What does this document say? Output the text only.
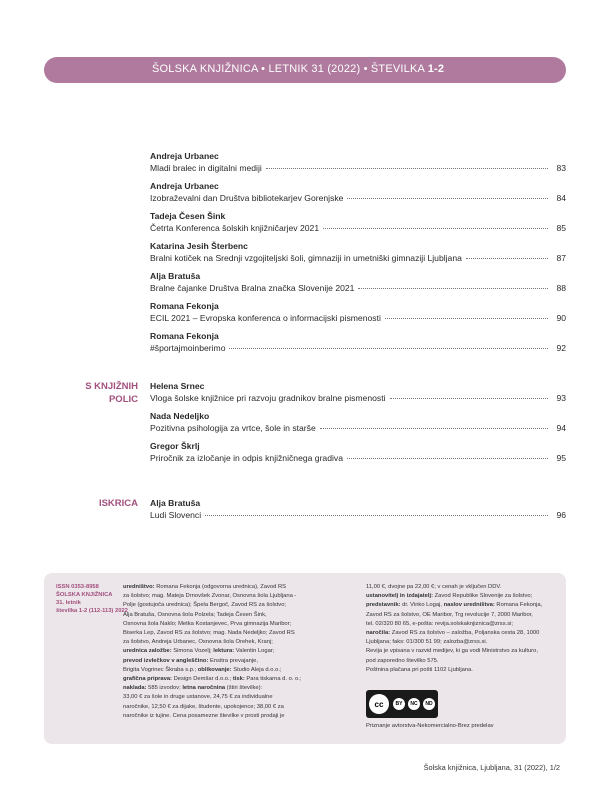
ŠOLSKA KNJIŽNICA • LETNIK 31 (2022) • ŠTEVILKA 1-2
Andreja Urbanec
Mladi bralec in digitalni mediji	83
Andreja Urbanec
Izobraževalni dan Društva bibliotekarjev Gorenjske	84
Tadeja Česen Šink
Četrta Konferenca šolskih knjižničarjev 2021	85
Katarina Jesih Šterbenc
Bralni kotiček na Srednji vzgojiteljski šoli, gimnaziji in umetniški gimnaziji Ljubljana	87
Alja Bratuša
Bralne čajanke Društva Bralna značka Slovenije 2021	88
Romana Fekonja
ECIL 2021 – Evropska konferenca o informacijski pismenosti	90
Romana Fekonja
#športajmoinberimo	92
S KNJIŽNIH POLIC
Helena Srnec
Vloga šolske knjižnice pri razvoju gradnikov bralne pismenosti	93
Nada Nedeljko
Pozitivna psihologija za vrtce, šole in starše	94
Gregor Škrlj
Priročnik za izločanje in odpis knjižničnega gradiva	95
ISKRICA Alja Bratuša
Ludi Slovenci	96
ISSN 0353-8958
ŠOLSKA KNJIŽNICA
31. letnik
številka 1-2 (112-113) 2022
uredništvo: Romana Fekonja (odgovorna urednica), Zavod RS
za šolstvo; mag. Mateja Drnovšek Zvonar, Osnovna šola Ljubljana -
Polje (gostujoča urednica); Špela Bergoč, Zavod RS za šolstvo;
Alja Bratuša, Osnovna šola Polzela; Tadeja Česen Šink,
Osnovna šola Naklo; Metka Kostanjevec, Prva gimnazija Maribor;
Biserka Lep, Zavod RS za šolstvo; mag. Nada Nedeljko; Zavod RS
za šolstvo, Andreja Urbanec, Osnovna šola Orehek, Kranj;
urednica založbe: Simona Vozelj; lektura: Valentin Logar;
prevod izvlečkov v angleščino: Ensitra prevajanje,
Brigita Vogrinec Škraba s.p.; oblikovanje: Studio Aleja d.o.o.;
grafična priprava: Design Demšar d.o.o.; tisk: Para tiskarna d. o. o.;
naklada: 585 izvodov; letna naročnina (štiri številke):
33,00 € za šole in druge ustanove, 24,75 € za individualne
naročnike, 12,50 € za dijake, študente, upokojence; 38,00 € za
naročnike iz tujine. Cena posamezne številke v prosti prodaji je
11,00 €, dvojne pa 22,00 €; v cenah je vključen DDV.
ustanovitelj in izdajatelj: Zavod Republike Slovenije za šolstvo;
predstavnik: dr. Vinko Logaj, naslov uredništva: Romana Fekonja,
Zavod RS za šolstvo, OE Maribor, Trg revolucije 7, 2000 Maribor,
tel. 02/320 80 65, e-pošta: revija.solskaknjiznica@zrss.si;
naročila: Zavod RS za šolstvo – založba, Poljanska cesta 28, 1000
Ljubljana; faks: 01/300 51 99; zalozba@zrss.si.
Revija je vpisana v razvid medijev, ki ga vodi Ministrstvo za kulturo,
pod zaporedno številko 575.
Poštnina plačana pri pošti 1102 Ljubljana.
cc	BY	NC	ND
Priznanje avtorstva-Nekomercialno-Brez predelav
Šolska knjižnica, Ljubljana, 31 (2022), 1/2
